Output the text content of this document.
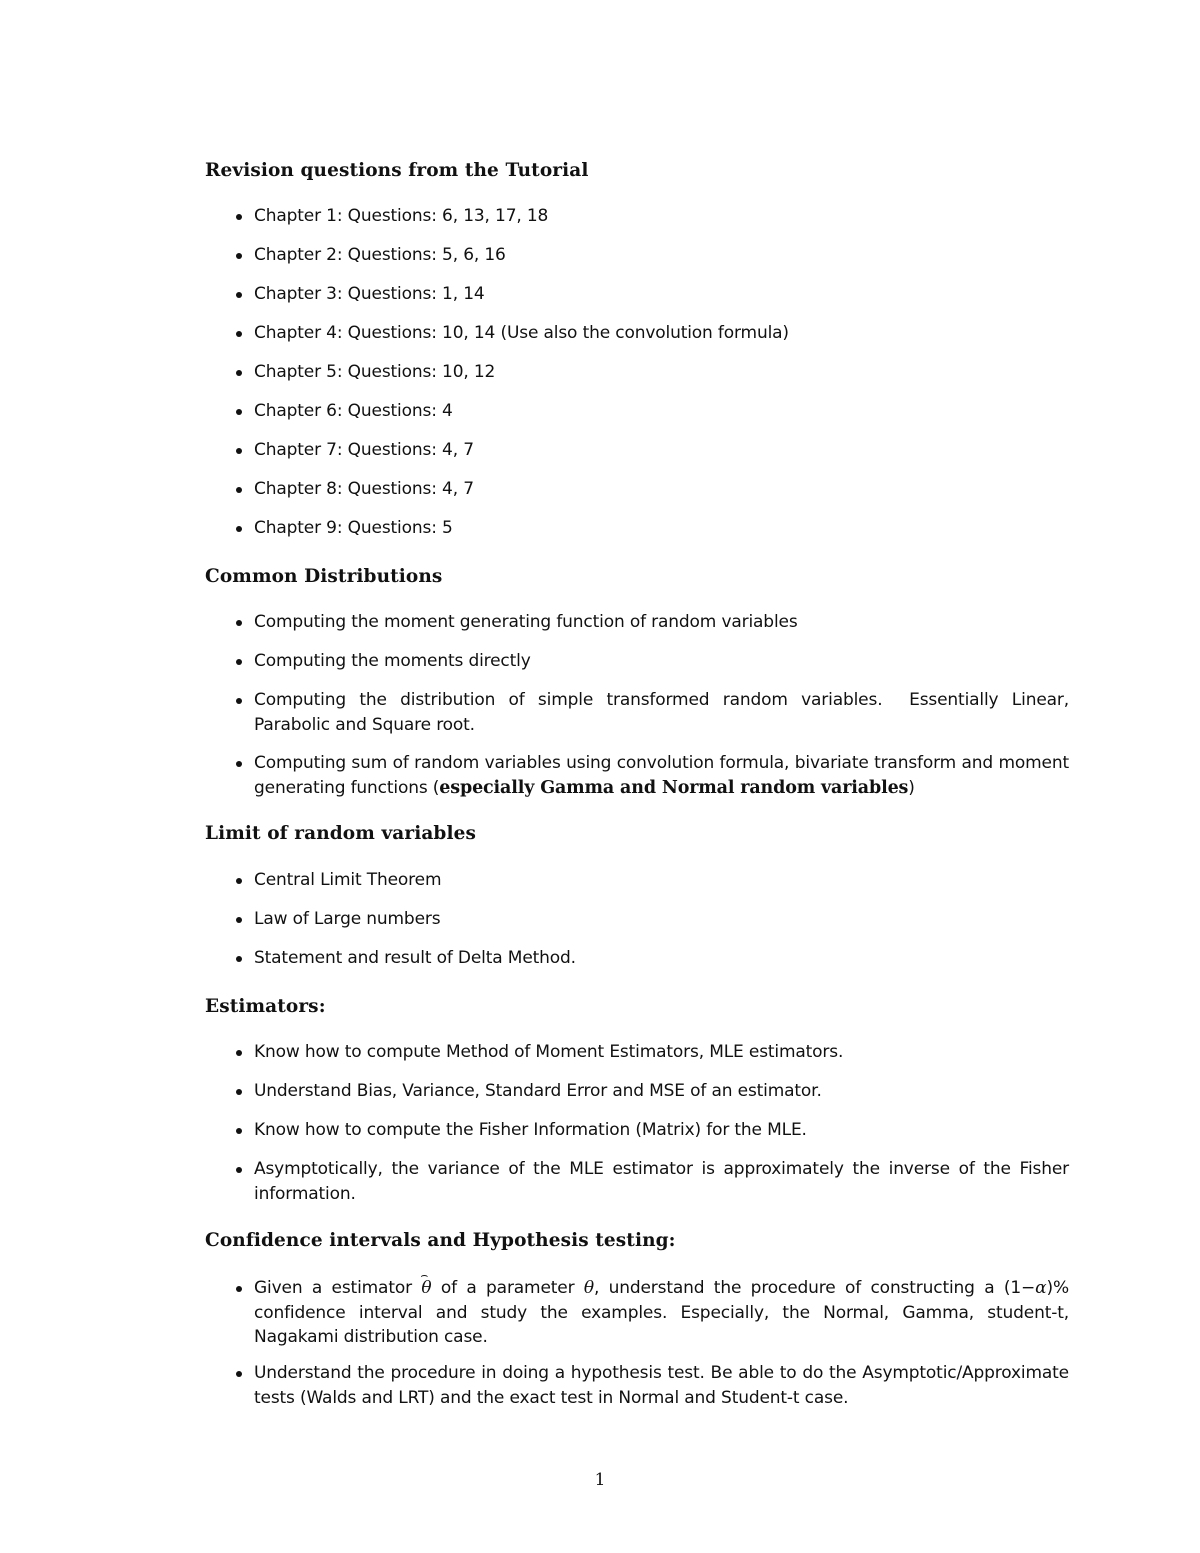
Revision questions from the Tutorial
Chapter 1: Questions: 6, 13, 17, 18
Chapter 2: Questions: 5, 6, 16
Chapter 3: Questions: 1, 14
Chapter 4: Questions: 10, 14 (Use also the convolution formula)
Chapter 5: Questions: 10, 12
Chapter 6: Questions: 4
Chapter 7: Questions: 4, 7
Chapter 8: Questions: 4, 7
Chapter 9: Questions: 5
Common Distributions
Computing the moment generating function of random variables
Computing the moments directly
Computing the distribution of simple transformed random variables.  Essentially Linear, Parabolic and Square root.
Computing sum of random variables using convolution formula, bivariate transform and moment generating functions (especially Gamma and Normal random variables)
Limit of random variables
Central Limit Theorem
Law of Large numbers
Statement and result of Delta Method.
Estimators:
Know how to compute Method of Moment Estimators, MLE estimators.
Understand Bias, Variance, Standard Error and MSE of an estimator.
Know how to compute the Fisher Information (Matrix) for the MLE.
Asymptotically, the variance of the MLE estimator is approximately the inverse of the Fisher information.
Confidence intervals and Hypothesis testing:
Given a estimator ⌢ θ of a parameter θ, understand the procedure of constructing a (1−α)% confidence interval and study the examples. Especially, the Normal, Gamma, student-t, Nagakami distribution case.
Understand the procedure in doing a hypothesis test. Be able to do the Asymptotic/Approximate tests (Walds and LRT) and the exact test in Normal and Student-t case.
1
